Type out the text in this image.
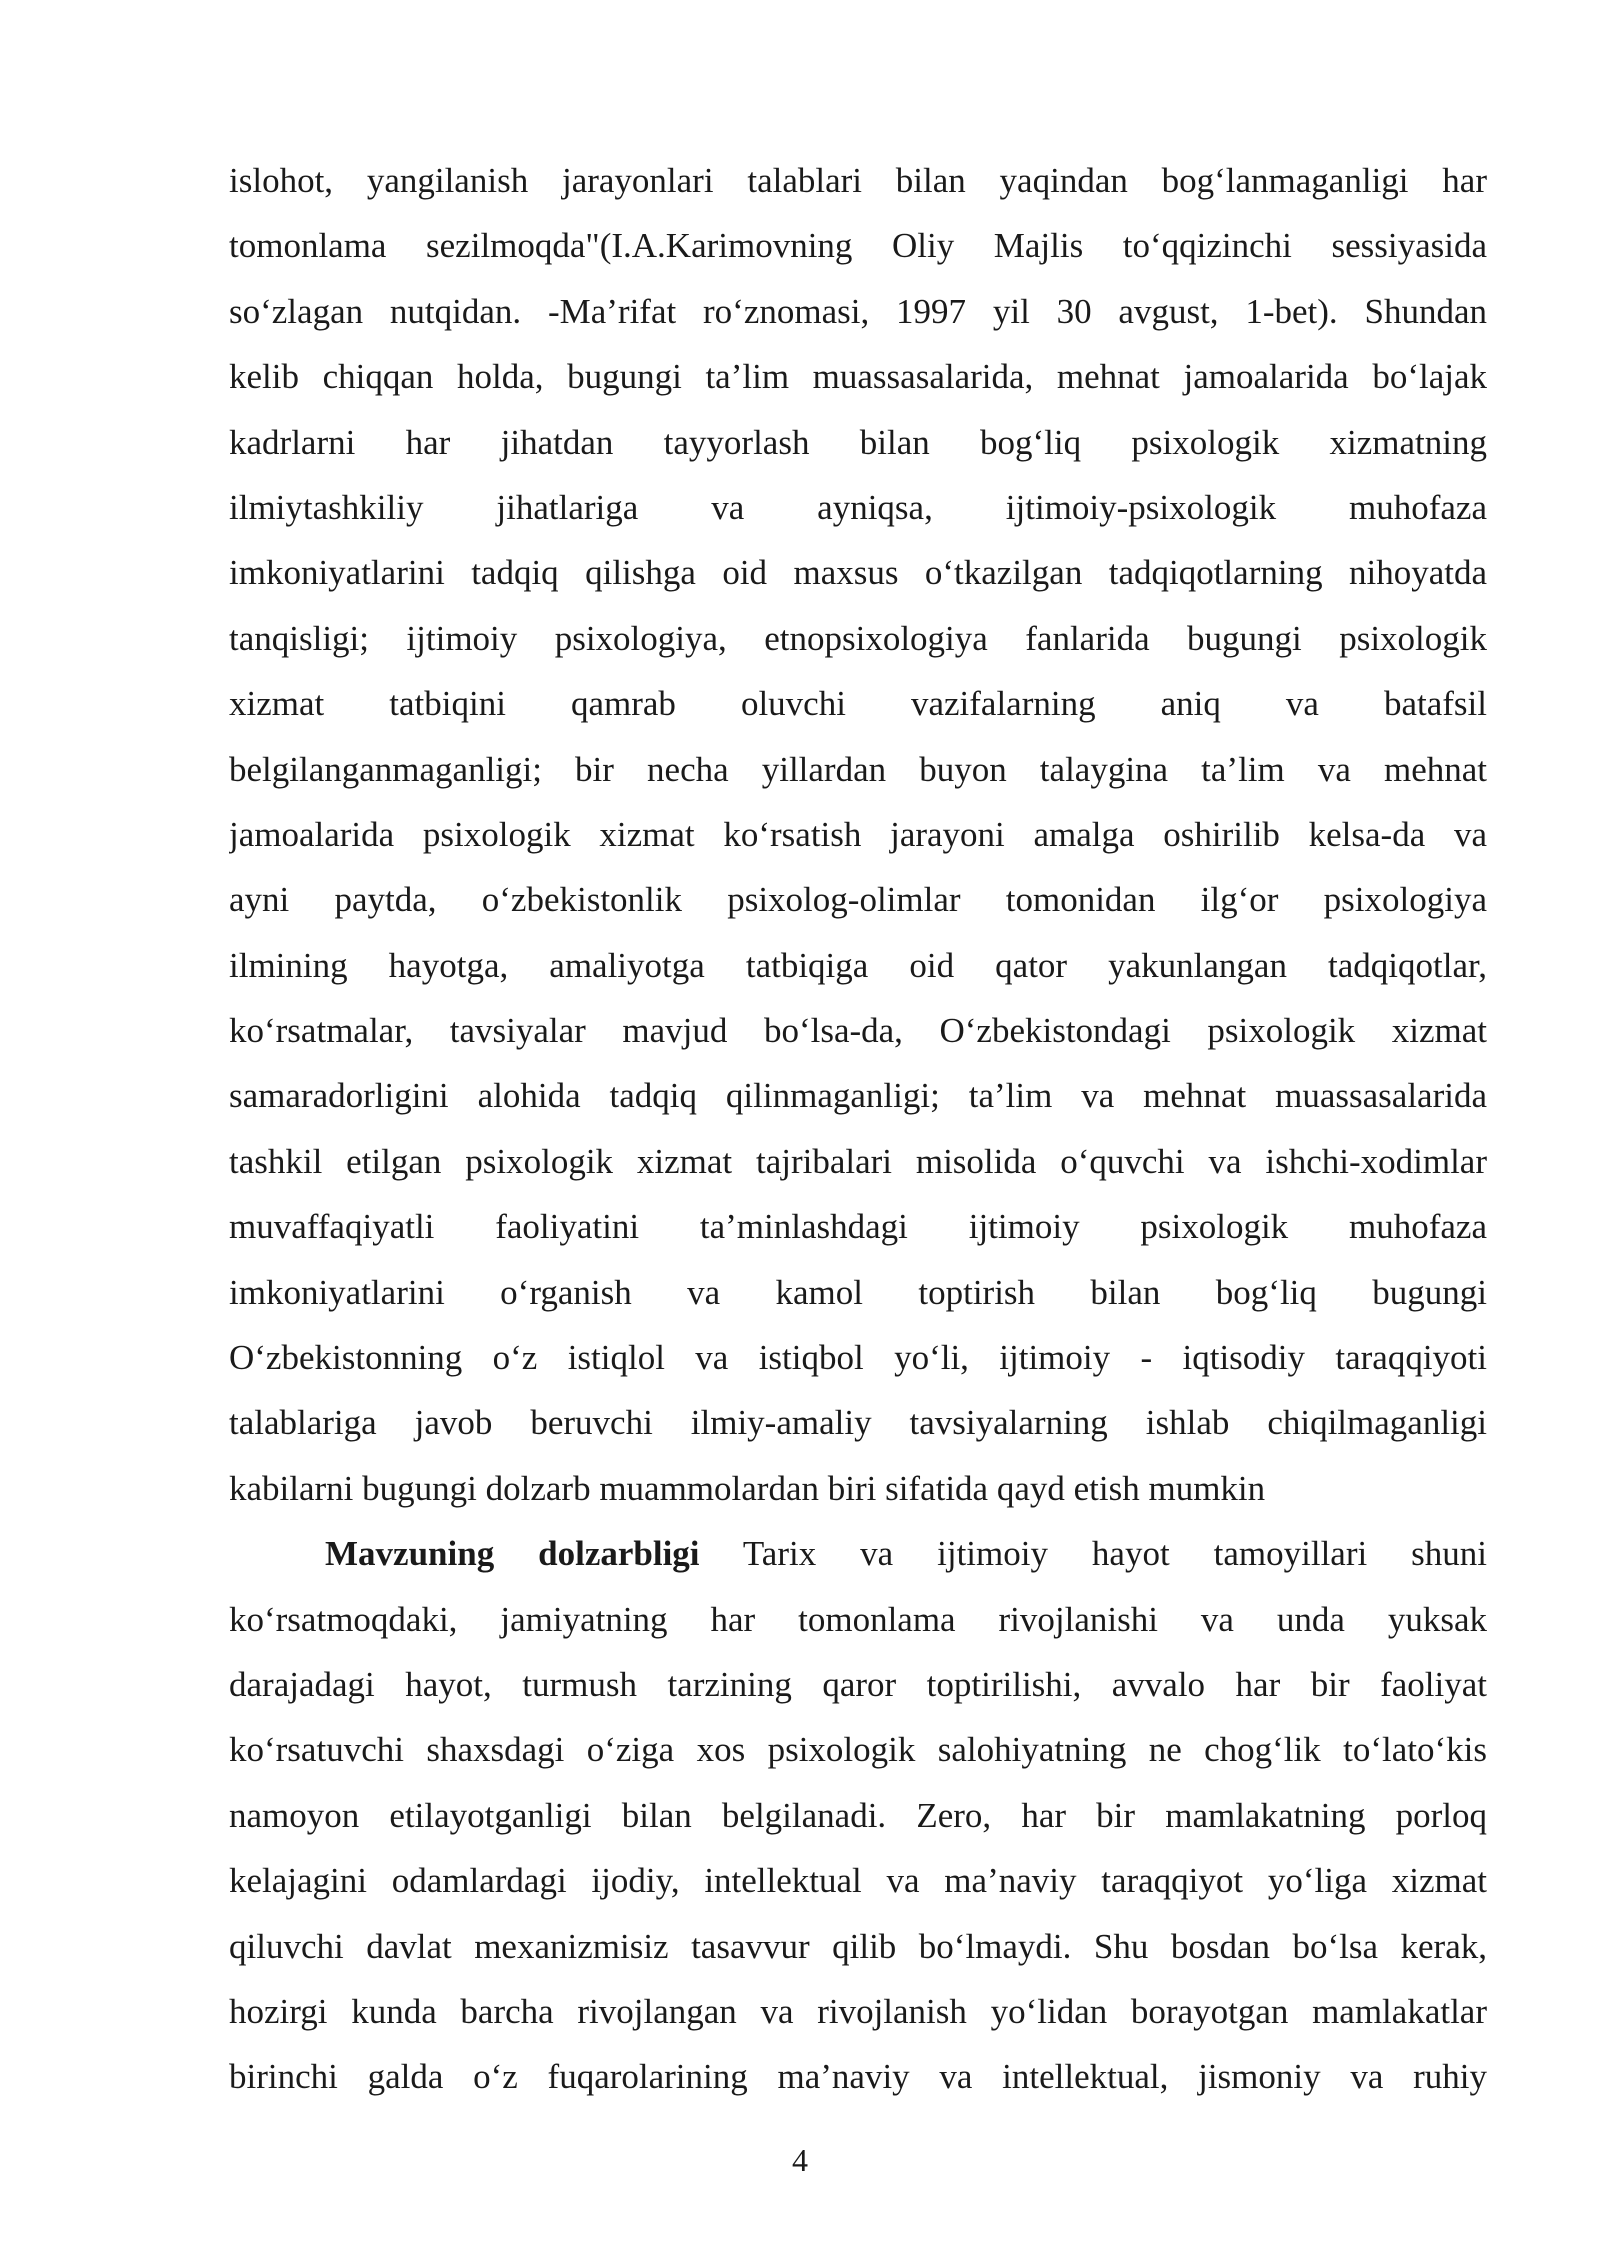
islohot, yangilanish jarayonlari talablari bilan yaqindan bog‘lanmaganligi har
tomonlama sezilmoqda"(I.A.Karimovning Oliy Majlis to‘qqizinchi sessiyasida
so‘zlagan nutqidan. -Ma’rifat ro‘znomasi, 1997 yil 30 avgust, 1-bet). Shundan
kelib chiqqan holda, bugungi ta’lim muassasalarida, mehnat jamoalarida bo‘lajak
kadrlarni har jihatdan tayyorlash bilan bog‘liq psixologik xizmatning
ilmiytashkiliy jihatlariga va ayniqsa, ijtimoiy-psixologik muhofaza
imkoniyatlarini tadqiq qilishga oid maxsus o‘tkazilgan tadqiqotlarning nihoyatda
tanqisligi; ijtimoiy psixologiya, etnopsixologiya fanlarida bugungi psixologik
xizmat tatbiqini qamrab oluvchi vazifalarning aniq va batafsil
belgilanganmaganligi; bir necha yillardan buyon talaygina ta’lim va mehnat
jamoalarida psixologik xizmat ko‘rsatish jarayoni amalga oshirilib kelsa-da va
ayni paytda, o‘zbekistonlik psixolog-olimlar tomonidan ilg‘or psixologiya
ilmining hayotga, amaliyotga tatbiqiga oid qator yakunlangan tadqiqotlar,
ko‘rsatmalar, tavsiyalar mavjud bo‘lsa-da, O‘zbekistondagi psixologik xizmat
samaradorligini alohida tadqiq qilinmaganligi; ta’lim va mehnat muassasalarida
tashkil etilgan psixologik xizmat tajribalari misolida o‘quvchi va ishchi-xodimlar
muvaffaqiyatli faoliyatini ta’minlashdagi ijtimoiy psixologik muhofaza
imkoniyatlarini o‘rganish va kamol toptirish bilan bog‘liq bugungi
O‘zbekistonning o‘z istiqlol va istiqbol yo‘li, ijtimoiy - iqtisodiy taraqqiyoti
talablariga javob beruvchi ilmiy-amaliy tavsiyalarning ishlab chiqilmaganligi
kabilarni bugungi dolzarb muammolardan biri sifatida qayd etish mumkin
Mavzuning dolzarbligi Tarix va ijtimoiy hayot tamoyillari shuni
ko‘rsatmoqdaki, jamiyatning har tomonlama rivojlanishi va unda yuksak
darajadagi hayot, turmush tarzining qaror toptirilishi, avvalo har bir faoliyat
ko‘rsatuvchi shaxsdagi o‘ziga xos psixologik salohiyatning ne chog‘lik to‘lato‘kis
namoyon etilayotganligi bilan belgilanadi. Zero, har bir mamlakatning porloq
kelajagini odamlardagi ijodiy, intellektual va ma’naviy taraqqiyot yo‘liga xizmat
qiluvchi davlat mexanizmisiz tasavvur qilib bo‘lmaydi. Shu bosdan bo‘lsa kerak,
hozirgi kunda barcha rivojlangan va rivojlanish yo‘lidan borayotgan mamlakatlar
birinchi galda o‘z fuqarolarining ma’naviy va intellektual, jismoniy va ruhiy
4
